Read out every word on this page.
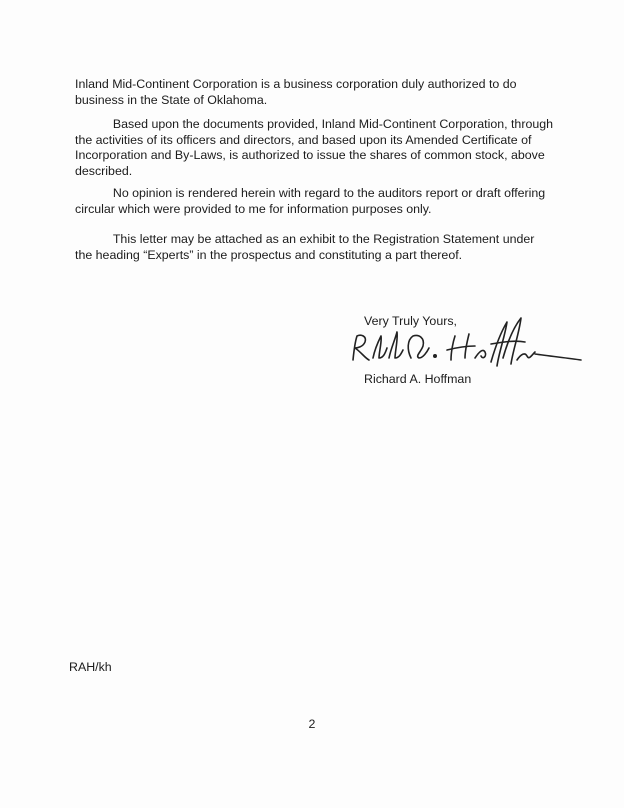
Inland Mid-Continent Corporation is a business corporation duly authorized to do business in the State of Oklahoma.

Based upon the documents provided, Inland Mid-Continent Corporation, through the activities of its officers and directors, and based upon its Amended Certificate of Incorporation and By-Laws, is authorized to issue the shares of common stock, above described.

No opinion is rendered herein with regard to the auditors report or draft offering circular which were provided to me for information purposes only.

This letter may be attached as an exhibit to the Registration Statement under the heading “Experts” in the prospectus and constituting a part thereof.

Very Truly Yours,

Richard A. Hoffman

RAH/kh

2
